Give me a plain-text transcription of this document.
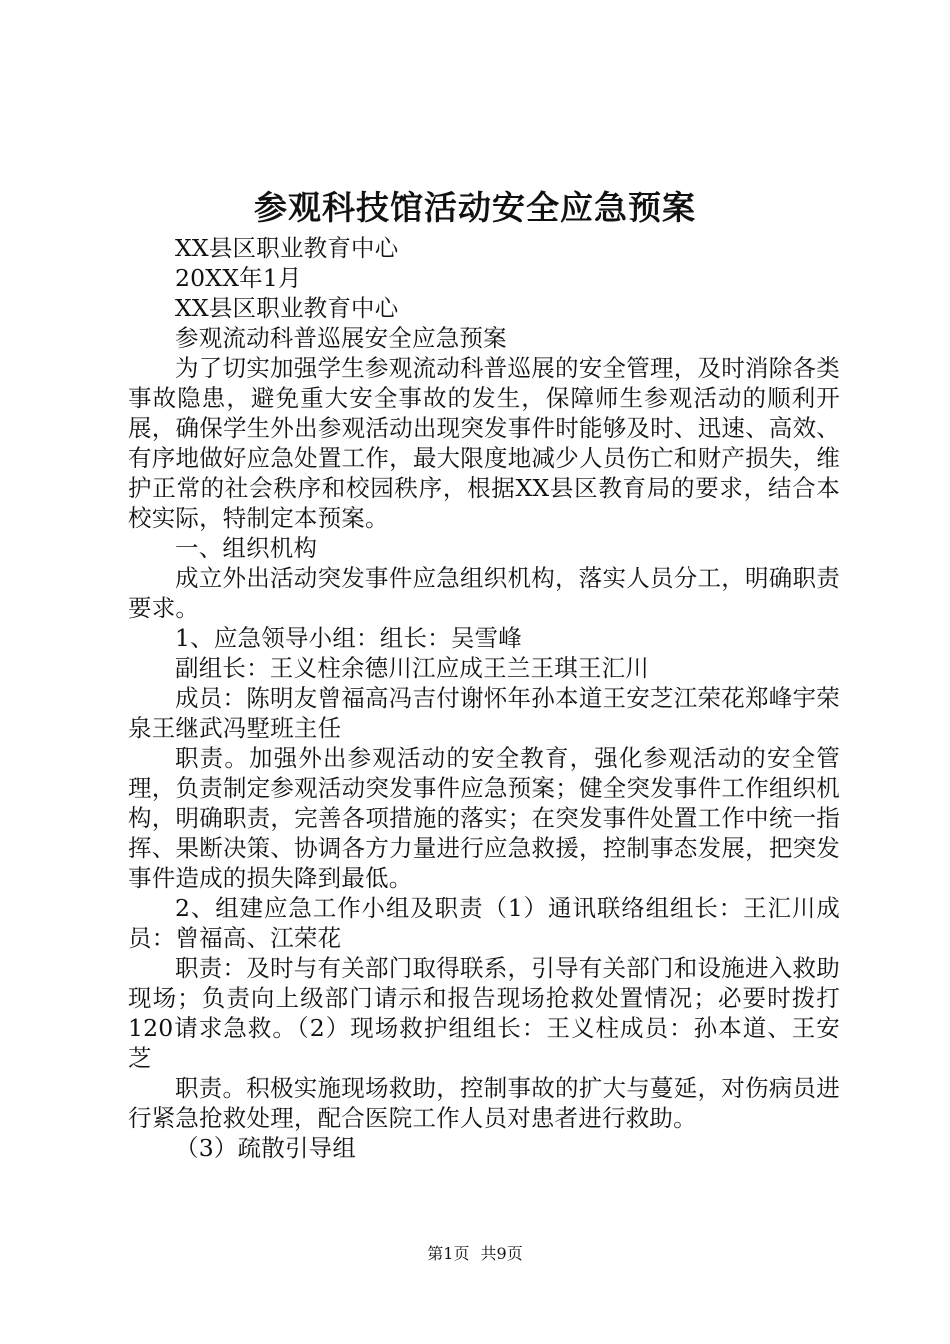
参观科技馆活动安全应急预案

XX县区职业教育中心

20XX年1月

XX县区职业教育中心

参观流动科普巡展安全应急预案

为了切实加强学生参观流动科普巡展的安全管理，及时消除各类事故隐患，避免重大安全事故的发生，保障师生参观活动的顺利开展，确保学生外出参观活动出现突发事件时能够及时、迅速、高效、有序地做好应急处置工作，最大限度地减少人员伤亡和财产损失，维护正常的社会秩序和校园秩序，根据XX县区教育局的要求，结合本校实际，特制定本预案。

一、组织机构

成立外出活动突发事件应急组织机构，落实人员分工，明确职责要求。

1、应急领导小组：组长：吴雪峰

副组长：王义柱余德川江应成王兰王琪王汇川

成员：陈明友曾福高冯吉付谢怀年孙本道王安芝江荣花郑峰宇荣泉王继武冯墅班主任

职责。加强外出参观活动的安全教育，强化参观活动的安全管理，负责制定参观活动突发事件应急预案；健全突发事件工作组织机构，明确职责，完善各项措施的落实；在突发事件处置工作中统一指挥、果断决策、协调各方力量进行应急救援，控制事态发展，把突发事件造成的损失降到最低。

2、组建应急工作小组及职责（1）通讯联络组组长：王汇川成员：曾福高、江荣花

职责：及时与有关部门取得联系，引导有关部门和设施进入救助现场；负责向上级部门请示和报告现场抢救处置情况；必要时拨打120请求急救。（2）现场救护组组长：王义柱成员：孙本道、王安芝

职责。积极实施现场救助，控制事故的扩大与蔓延，对伤病员进行紧急抢救处理，配合医院工作人员对患者进行救助。

（3）疏散引导组

第1页 共9页
